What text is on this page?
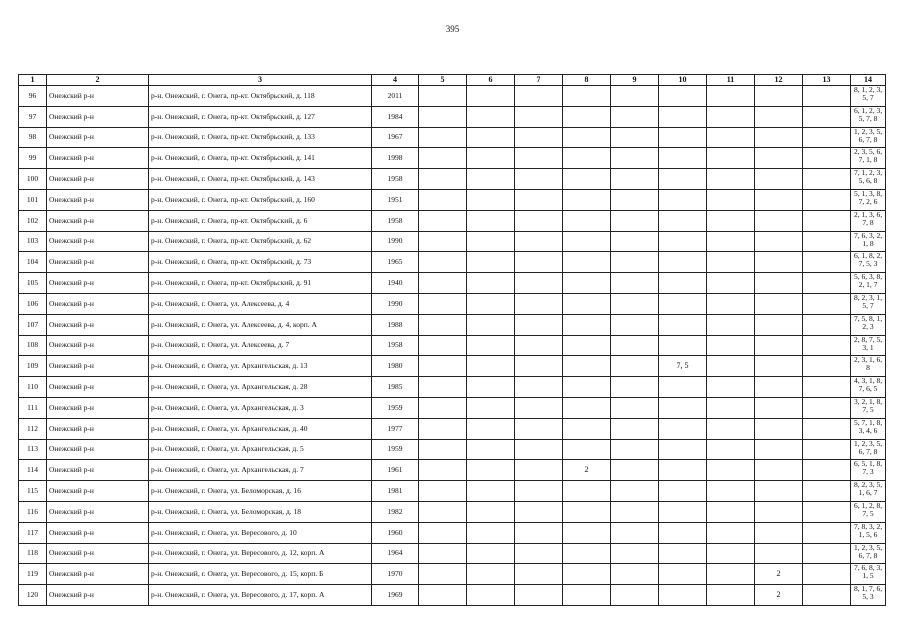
395
1	2	3	4	5	6	7	8	9	10	11	12	13	14
96	Онежский р-н	р-н. Онежский, г. Онега, пр-кт. Октябрьский, д. 118	2011										8, 1, 2, 3, 5, 7
97	Онежский р-н	р-н. Онежский, г. Онега, пр-кт. Октябрьский, д. 127	1984										6, 1, 2, 3, 5, 7, 8
98	Онежский р-н	р-н. Онежский, г. Онега, пр-кт. Октябрьский, д. 133	1967										1, 2, 3, 5, 6, 7, 8
99	Онежский р-н	р-н. Онежский, г. Онега, пр-кт. Октябрьский, д. 141	1998										2, 3, 5, 6, 7, 1, 8
100	Онежский р-н	р-н. Онежский, г. Онега, пр-кт. Октябрьский, д. 143	1958										7, 1, 2, 3, 5, 6, 8
101	Онежский р-н	р-н. Онежский, г. Онега, пр-кт. Октябрьский, д. 160	1951										5, 1, 3, 8, 7, 2, 6
102	Онежский р-н	р-н. Онежский, г. Онега, пр-кт. Октябрьский, д. 6	1958										2, 1, 3, 6, 7, 8
103	Онежский р-н	р-н. Онежский, г. Онега, пр-кт. Октябрьский, д. 62	1990										7, 6, 3, 2, 1, 8
104	Онежский р-н	р-н. Онежский, г. Онега, пр-кт. Октябрьский, д. 73	1965										6, 1, 8, 2, 7, 5, 3
105	Онежский р-н	р-н. Онежский, г. Онега, пр-кт. Октябрьский, д. 91	1940										5, 6, 3, 8, 2, 1, 7
106	Онежский р-н	р-н. Онежский, г. Онега, ул. Алексеева, д. 4	1990										8, 2, 3, 1, 5, 7
107	Онежский р-н	р-н. Онежский, г. Онега, ул. Алексеева, д. 4, корп. А	1988										7, 5, 8, 1, 2, 3
108	Онежский р-н	р-н. Онежский, г. Онега, ул. Алексеева, д. 7	1958										2, 8, 7, 5, 3, 1
109	Онежский р-н	р-н. Онежский, г. Онега, ул. Архангельская, д. 13	1980						7, 5				2, 3, 1, 6, 8
110	Онежский р-н	р-н. Онежский, г. Онега, ул. Архангельская, д. 28	1985										4, 3, 1, 8, 7, 6, 5
111	Онежский р-н	р-н. Онежский, г. Онега, ул. Архангельская, д. 3	1959										3, 2, 1, 8, 7, 5
112	Онежский р-н	р-н. Онежский, г. Онега, ул. Архангельская, д. 40	1977										5, 7, 1, 8, 3, 4, 6
113	Онежский р-н	р-н. Онежский, г. Онега, ул. Архангельская, д. 5	1959										1, 2, 3, 5, 6, 7, 8
114	Онежский р-н	р-н. Онежский, г. Онега, ул. Архангельская, д. 7	1961				2						6, 5, 1, 8, 7, 3
115	Онежский р-н	р-н. Онежский, г. Онега, ул. Беломорская, д. 16	1981										8, 2, 3, 5, 1, 6, 7
116	Онежский р-н	р-н. Онежский, г. Онега, ул. Беломорская, д. 18	1982										6, 1, 2, 8, 7, 5
117	Онежский р-н	р-н. Онежский, г. Онега, ул. Вересового, д. 10	1960										7, 8, 3, 2, 1, 5, 6
118	Онежский р-н	р-н. Онежский, г. Онега, ул. Вересового, д. 12, корп. А	1964										1, 2, 3, 5, 6, 7, 8
119	Онежский р-н	р-н. Онежский, г. Онега, ул. Вересового, д. 15, корп. Б	1970								2		7, 6, 8, 3, 1, 5
120	Онежский р-н	р-н. Онежский, г. Онега, ул. Вересового, д. 17, корп. А	1969								2		8, 1, 7, 6, 5, 3
